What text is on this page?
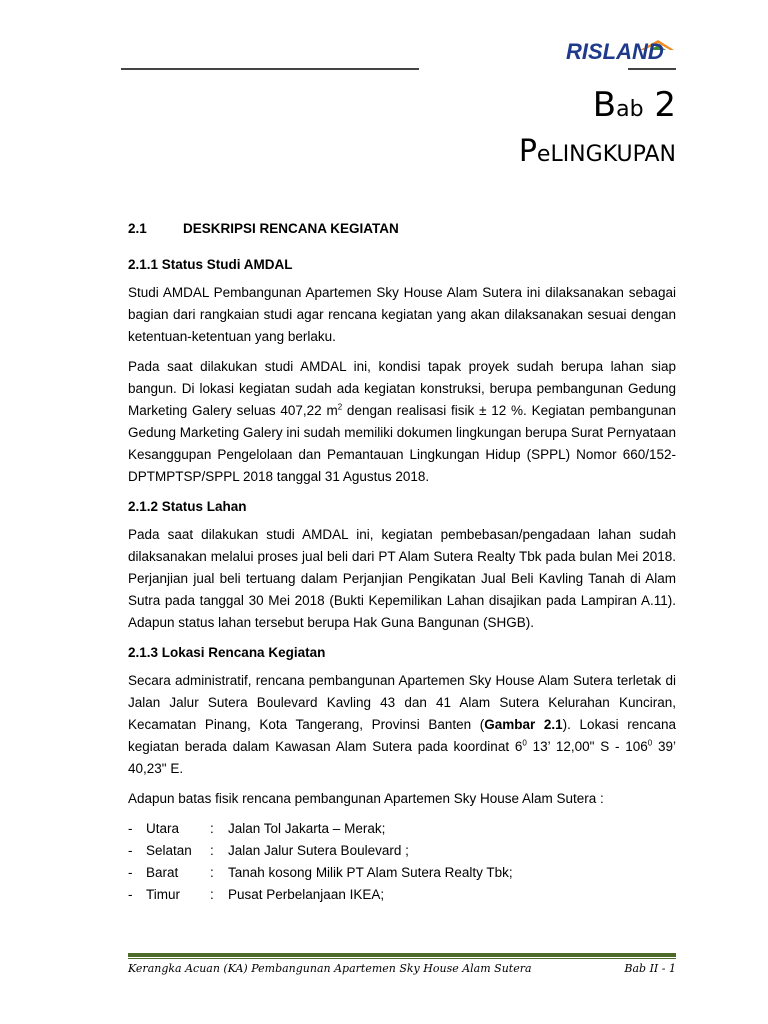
RISLAND
Bab 2
PeLINGKUPAN
2.1	DESKRIPSI RENCANA KEGIATAN
2.1.1 Status Studi AMDAL

Studi AMDAL Pembangunan Apartemen Sky House Alam Sutera ini dilaksanakan sebagai bagian dari rangkaian studi agar rencana kegiatan yang akan dilaksanakan sesuai dengan ketentuan-ketentuan yang berlaku.

Pada saat dilakukan studi AMDAL ini, kondisi tapak proyek sudah berupa lahan siap bangun. Di lokasi kegiatan sudah ada kegiatan konstruksi, berupa pembangunan Gedung Marketing Galery seluas 407,22 $m^2$ dengan realisasi fisik ± 12 %. Kegiatan pembangunan Gedung Marketing Galery ini sudah memiliki dokumen lingkungan berupa Surat Pernyataan Kesanggupan Pengelolaan dan Pemantauan Lingkungan Hidup (SPPL) Nomor 660/152-DPTMPTSP/SPPL 2018 tanggal 31 Agustus 2018.

2.1.2 Status Lahan

Pada saat dilakukan studi AMDAL ini, kegiatan pembebasan/pengadaan lahan sudah dilaksanakan melalui proses jual beli dari PT Alam Sutera Realty Tbk pada bulan Mei 2018. Perjanjian jual beli tertuang dalam Perjanjian Pengikatan Jual Beli Kavling Tanah di Alam Sutra pada tanggal 30 Mei 2018 (Bukti Kepemilikan Lahan disajikan pada Lampiran A.11). Adapun status lahan tersebut berupa Hak Guna Bangunan (SHGB).

2.1.3 Lokasi Rencana Kegiatan

Secara administratif, rencana pembangunan Apartemen Sky House Alam Sutera terletak di Jalan Jalur Sutera Boulevard Kavling 43 dan 41 Alam Sutera Kelurahan Kunciran, Kecamatan Pinang, Kota Tangerang, Provinsi Banten (Gambar 2.1). Lokasi rencana kegiatan berada dalam Kawasan Alam Sutera pada koordinat $6^0$ 13’ 12,00" S - $106^0$ 39’ 40,23" E.

Adapun batas fisik rencana pembangunan Apartemen Sky House Alam Sutera :

-	Utara	:	Jalan Tol Jakarta – Merak;
-	Selatan	:	Jalan Jalur Sutera Boulevard ;
-	Barat	:	Tanah kosong Milik PT Alam Sutera Realty Tbk;
-	Timur	:	Pusat Perbelanjaan IKEA;
Kerangka Acuan (KA) Pembangunan Apartemen Sky House Alam Sutera	Bab II - 1
